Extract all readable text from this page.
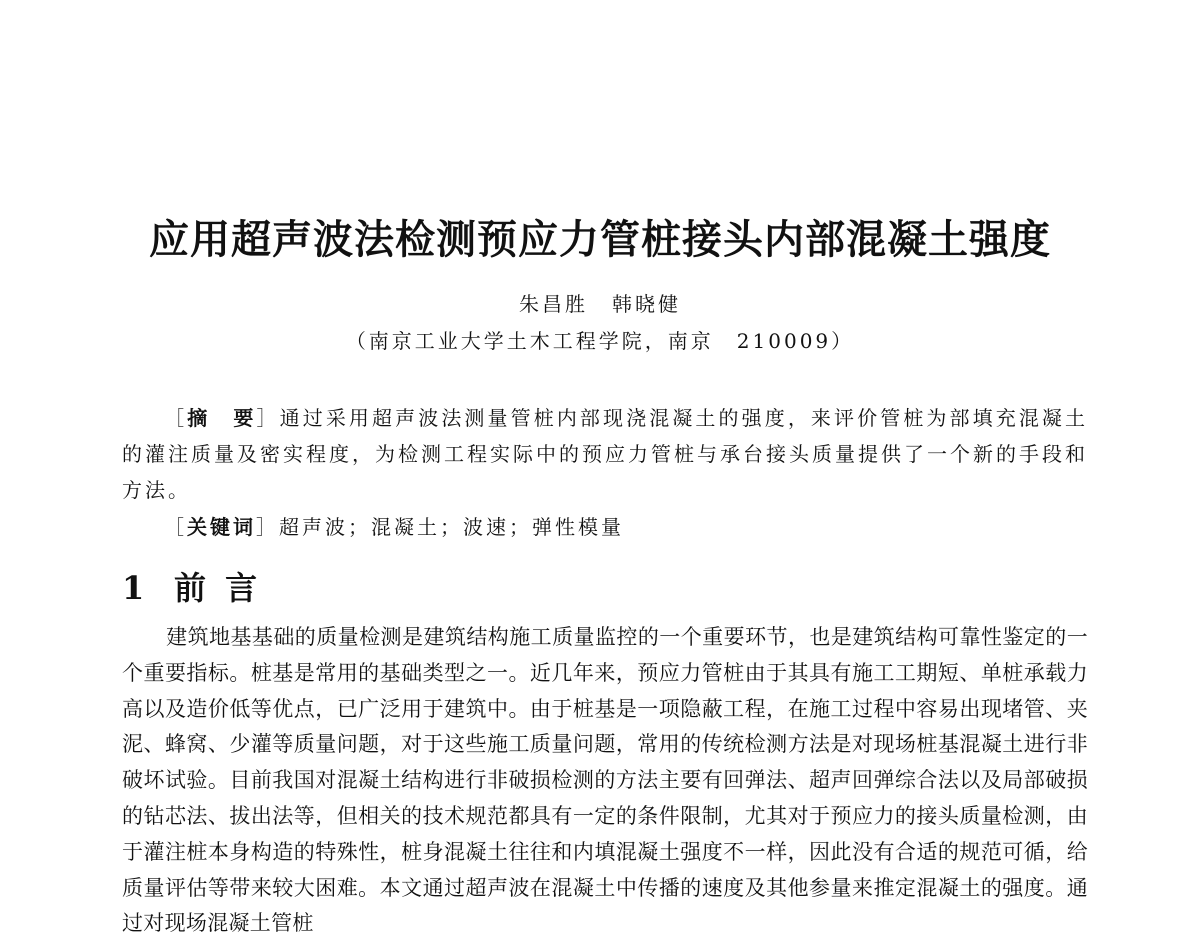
应用超声波法检测预应力管桩接头内部混凝土强度
朱昌胜 韩晓健
（南京工业大学土木工程学院，南京　210009）
［摘　要］通过采用超声波法测量管桩内部现浇混凝土的强度，来评价管桩为部填充混凝土的灌注质量及密实程度，为检测工程实际中的预应力管桩与承台接头质量提供了一个新的手段和方法。
［关键词］超声波；混凝土；波速；弹性模量
1 前 言
建筑地基基础的质量检测是建筑结构施工质量监控的一个重要环节，也是建筑结构可靠性鉴定的一个重要指标。桩基是常用的基础类型之一。近几年来，预应力管桩由于其具有施工工期短、单桩承载力高以及造价低等优点，已广泛用于建筑中。由于桩基是一项隐蔽工程，在施工过程中容易出现堵管、夹泥、蜂窝、少灌等质量问题，对于这些施工质量问题，常用的传统检测方法是对现场桩基混凝土进行非破坏试验。目前我国对混凝土结构进行非破损检测的方法主要有回弹法、超声回弹综合法以及局部破损的钻芯法、拔出法等，但相关的技术规范都具有一定的条件限制，尤其对于预应力的接头质量检测，由于灌注桩本身构造的特殊性，桩身混凝土往往和内填混凝土强度不一样，因此没有合适的规范可循，给质量评估等带来较大困难。本文通过超声波在混凝土中传播的速度及其他参量来推定混凝土的强度。通过对现场混凝土管桩
